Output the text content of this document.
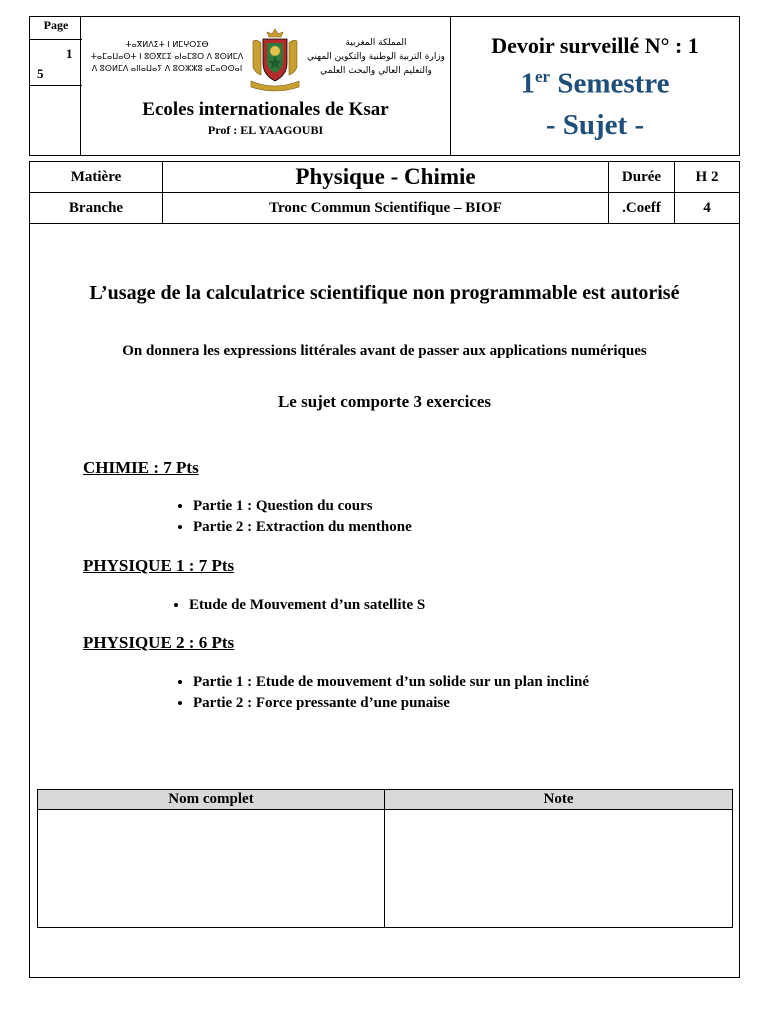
Page
1
5
ⵜⴰⴳⵍⴷⵉⵜ ⵏ ⵍⵎⵖⵔⵉⴱ
ⵜⴰⵎⴰⵡⴰⵙⵜ ⵏ ⵓⵙⴳⵎⵉ ⴰⵏⴰⵎⵓⵔ ⴷ ⵓⵙⵍⵎⴷ
ⴷ ⵓⵙⵍⵎⴷ ⴰⵏⵏⴰⵡⴰⵢ ⴷ ⵓⵔⵣⵣⵓ ⴰⵎⴰⵙⵙⴰⵏ
المملكة المغربية
وزارة التربية الوطنية والتكوين المهني
والتعليم العالي والبحث العلمي
Ecoles internationales de Ksar
Prof : EL YAAGOUBI
Devoir surveillé N° : 1
1er Semestre
- Sujet -
Matière	Physique - Chimie	Durée	H 2
Branche	Tronc Commun Scientifique – BIOF	.Coeff	4
L’usage de la calculatrice scientifique non programmable est autorisé
On donnera les expressions littérales avant de passer aux applications numériques
Le sujet comporte 3 exercices
CHIMIE : 7 Pts
• Partie 1 : Question du cours
• Partie 2 : Extraction du menthone
PHYSIQUE 1 : 7 Pts
• Etude de Mouvement d’un satellite S
PHYSIQUE 2 : 6 Pts
• Partie 1 : Etude de mouvement d’un solide sur un plan incliné
• Partie 2 : Force pressante d’une punaise
Nom complet	Note
